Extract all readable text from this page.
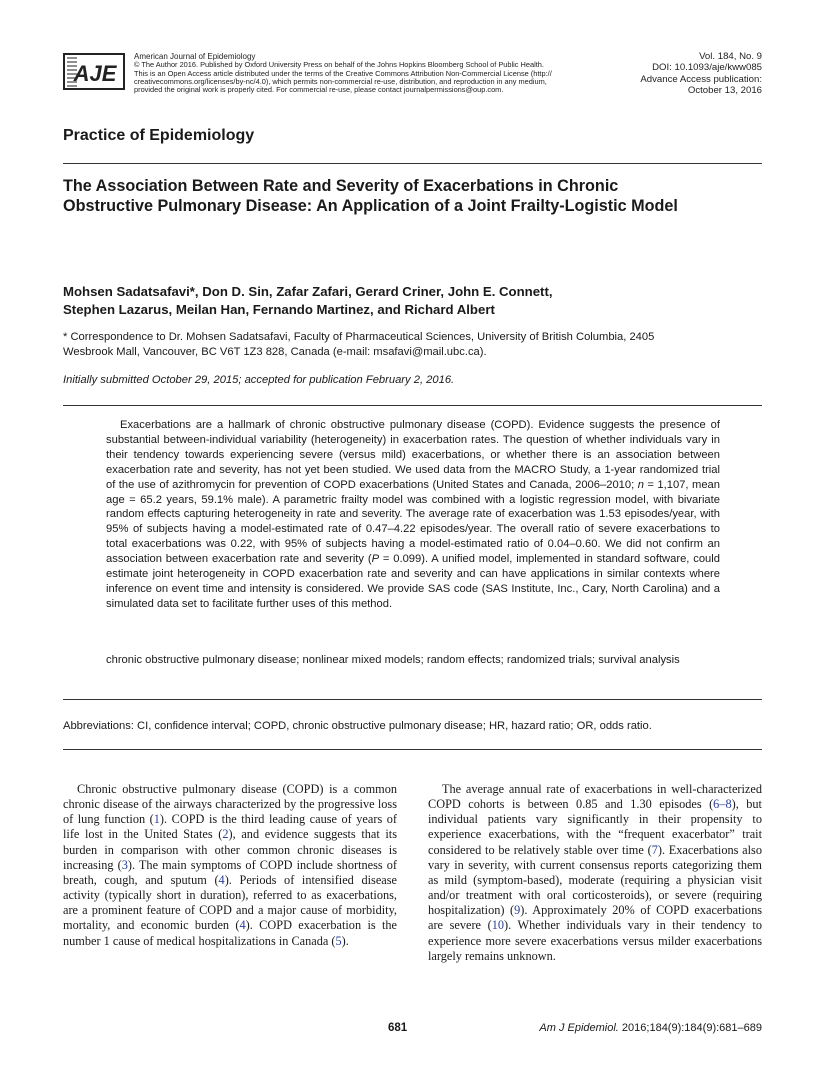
AJE
American Journal of Epidemiology
© The Author 2016. Published by Oxford University Press on behalf of the Johns Hopkins Bloomberg School of Public Health.
This is an Open Access article distributed under the terms of the Creative Commons Attribution Non-Commercial License (http://
creativecommons.org/licenses/by-nc/4.0), which permits non-commercial re-use, distribution, and reproduction in any medium,
provided the original work is properly cited. For commercial re-use, please contact journalpermissions@oup.com.
Vol. 184, No. 9
DOI: 10.1093/aje/kww085
Advance Access publication:
October 13, 2016
Practice of Epidemiology
The Association Between Rate and Severity of Exacerbations in Chronic
Obstructive Pulmonary Disease: An Application of a Joint Frailty-Logistic Model
Mohsen Sadatsafavi*, Don D. Sin, Zafar Zafari, Gerard Criner, John E. Connett,
Stephen Lazarus, Meilan Han, Fernando Martinez, and Richard Albert
* Correspondence to Dr. Mohsen Sadatsafavi, Faculty of Pharmaceutical Sciences, University of British Columbia, 2405
Wesbrook Mall, Vancouver, BC V6T 1Z3 828, Canada (e-mail: msafavi@mail.ubc.ca).
Initially submitted October 29, 2015; accepted for publication February 2, 2016.

Exacerbations are a hallmark of chronic obstructive pulmonary disease (COPD). Evidence suggests the presence of substantial between-individual variability (heterogeneity) in exacerbation rates. The question of whether individuals vary in their tendency towards experiencing severe (versus mild) exacerbations, or whether there is an association between exacerbation rate and severity, has not yet been studied. We used data from the MACRO Study, a 1-year randomized trial of the use of azithromycin for prevention of COPD exacerbations (United States and Canada, 2006–2010; n = 1,107, mean age = 65.2 years, 59.1% male). A parametric frailty model was combined with a logistic regression model, with bivariate random effects capturing heterogeneity in rate and severity. The average rate of exacerbation was 1.53 episodes/year, with 95% of subjects having a model-estimated rate of 0.47–4.22 episodes/year. The overall ratio of severe exacerbations to total exacerbations was 0.22, with 95% of subjects having a model-estimated ratio of 0.04–0.60. We did not confirm an association between exacerbation rate and severity (P = 0.099). A unified model, implemented in standard software, could estimate joint heterogeneity in COPD exacerbation rate and severity and can have applications in similar contexts where inference on event time and intensity is considered. We provide SAS code (SAS Institute, Inc., Cary, North Carolina) and a simulated data set to facilitate further uses of this method.

chronic obstructive pulmonary disease; nonlinear mixed models; random effects; randomized trials; survival analysis
Abbreviations: CI, confidence interval; COPD, chronic obstructive pulmonary disease; HR, hazard ratio; OR, odds ratio.

Chronic obstructive pulmonary disease (COPD) is a common chronic disease of the airways characterized by the progressive loss of lung function (1). COPD is the third leading cause of years of life lost in the United States (2), and evidence suggests that its burden in comparison with other common chronic diseases is increasing (3). The main symptoms of COPD include shortness of breath, cough, and sputum (4). Periods of intensified disease activity (typically short in duration), referred to as exacerbations, are a prominent feature of COPD and a major cause of morbidity, mortality, and economic burden (4). COPD exacerbation is the number 1 cause of medical hospitalizations in Canada (5).

The average annual rate of exacerbations in well-characterized COPD cohorts is between 0.85 and 1.30 episodes (6–8), but individual patients vary significantly in their propensity to experience exacerbations, with the “frequent exacerbator” trait considered to be relatively stable over time (7). Exacerbations also vary in severity, with current consensus reports categorizing them as mild (symptom-based), moderate (requiring a physician visit and/or treatment with oral corticosteroids), or severe (requiring hospitalization) (9). Approximately 20% of COPD exacerbations are severe (10). Whether individuals vary in their tendency to experience more severe exacerbations versus milder exacerbations largely remains unknown.

681	Am J Epidemiol. 2016;184(9):184(9):681–689
